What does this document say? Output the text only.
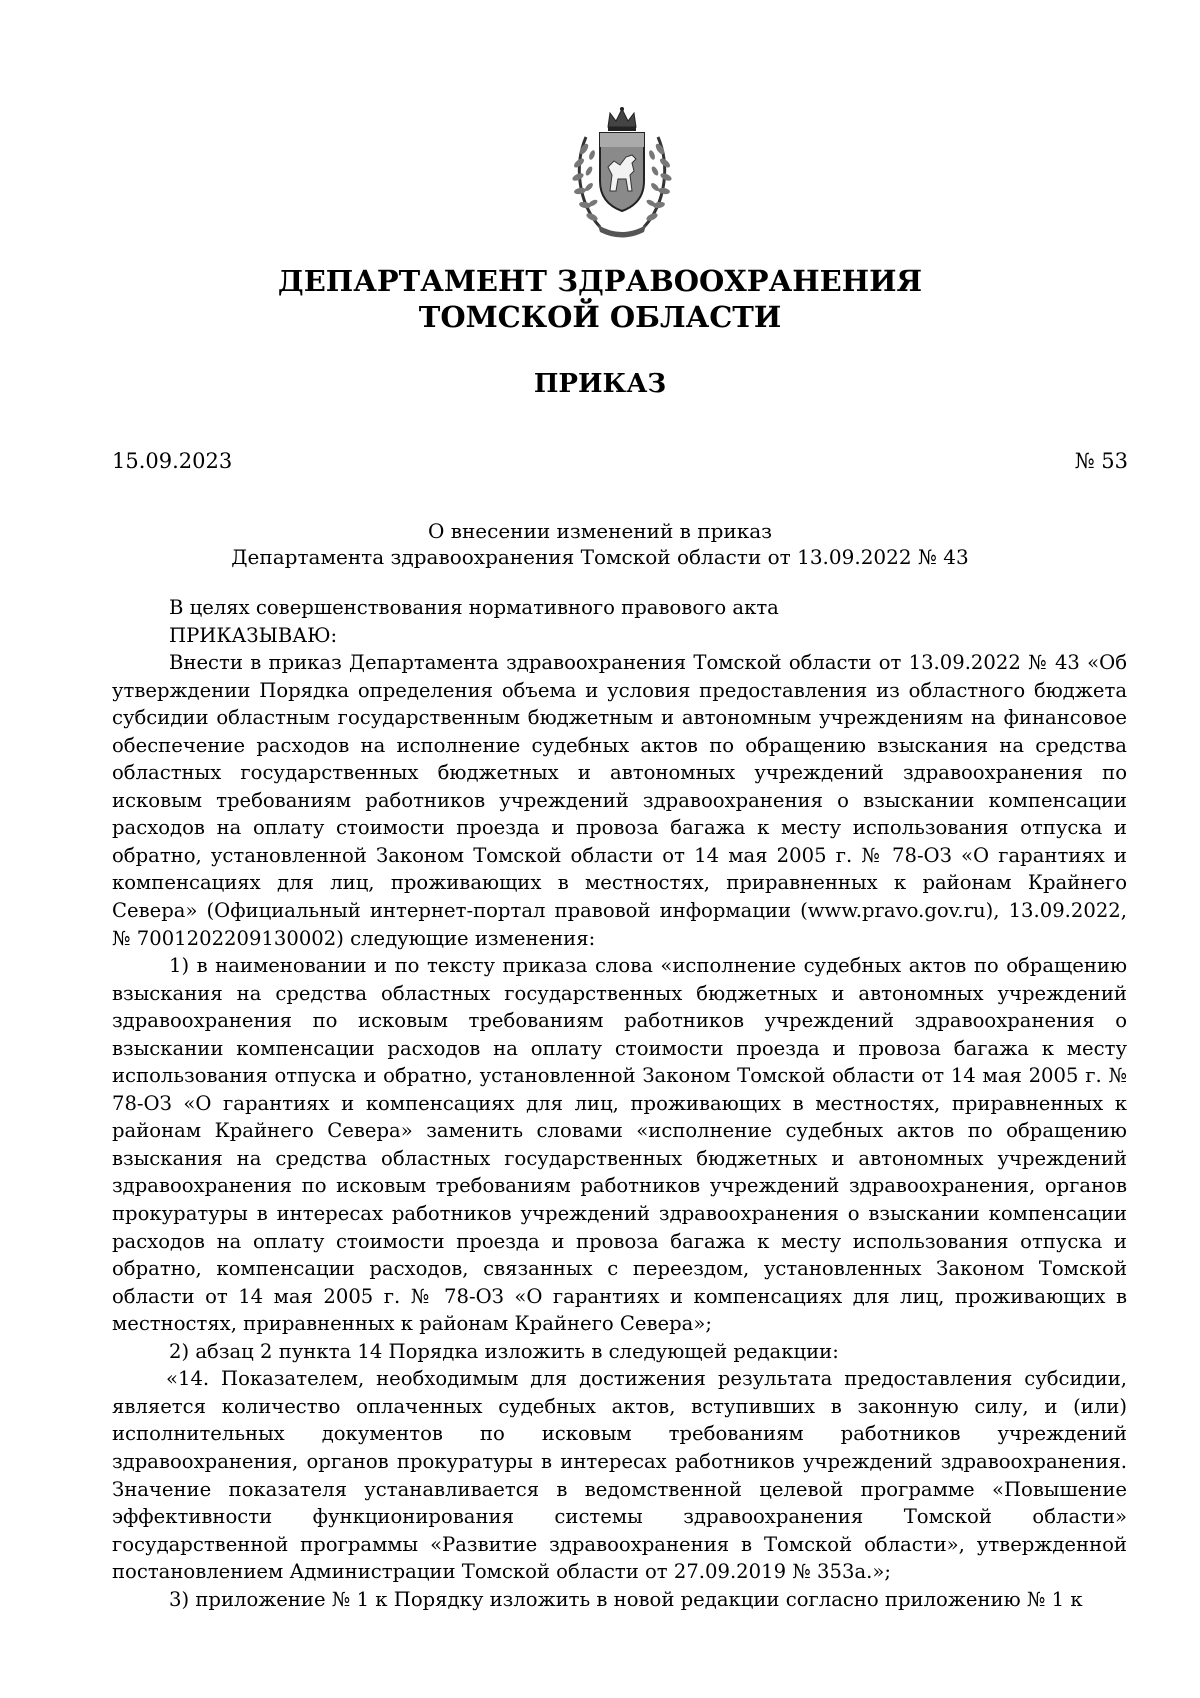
ДЕПАРТАМЕНТ ЗДРАВООХРАНЕНИЯ
ТОМСКОЙ ОБЛАСТИ
ПРИКАЗ
15.09.2023	№ 53
О внесении изменений в приказ
Департамента здравоохранения Томской области от 13.09.2022 № 43

В целях совершенствования нормативного правового акта

ПРИКАЗЫВАЮ:

Внести в приказ Департамента здравоохранения Томской области от 13.09.2022 № 43 «Об утверждении Порядка определения объема и условия предоставления из областного бюджета субсидии областным государственным бюджетным и автономным учреждениям на финансовое обеспечение расходов на исполнение судебных актов по обращению взыскания на средства областных государственных бюджетных и автономных учреждений здравоохранения по исковым требованиям работников учреждений здравоохранения о взыскании компенсации расходов на оплату стоимости проезда и провоза багажа к месту использования отпуска и обратно, установленной Законом Томской области от 14 мая 2005 г. № 78-ОЗ «О гарантиях и компенсациях для лиц, проживающих в местностях, приравненных к районам Крайнего Севера» (Официальный интернет-портал правовой информации (www.pravo.gov.ru), 13.09.2022, № 7001202209130002) следующие изменения:

1) в наименовании и по тексту приказа слова «исполнение судебных актов по обращению взыскания на средства областных государственных бюджетных и автономных учреждений здравоохранения по исковым требованиям работников учреждений здравоохранения о взыскании компенсации расходов на оплату стоимости проезда и провоза багажа к месту использования отпуска и обратно, установленной Законом Томской области от 14 мая 2005 г. № 78-ОЗ «О гарантиях и компенсациях для лиц, проживающих в местностях, приравненных к районам Крайнего Севера» заменить словами «исполнение судебных актов по обращению взыскания на средства областных государственных бюджетных и автономных учреждений здравоохранения по исковым требованиям работников учреждений здравоохранения, органов прокуратуры в интересах работников учреждений здравоохранения о взыскании компенсации расходов на оплату стоимости проезда и провоза багажа к месту использования отпуска и обратно, компенсации расходов, связанных с переездом, установленных Законом Томской области от 14 мая 2005 г. № 78-ОЗ «О гарантиях и компенсациях для лиц, проживающих в местностях, приравненных к районам Крайнего Севера»;

2) абзац 2 пункта 14 Порядка изложить в следующей редакции:

«14. Показателем, необходимым для достижения результата предоставления субсидии, является количество оплаченных судебных актов, вступивших в законную силу, и (или) исполнительных документов по исковым требованиям работников учреждений здравоохранения, органов прокуратуры в интересах работников учреждений здравоохранения. Значение показателя устанавливается в ведомственной целевой программе «Повышение эффективности функционирования системы здравоохранения Томской области» государственной программы «Развитие здравоохранения в Томской области», утвержденной постановлением Администрации Томской области от 27.09.2019 № 353а.»;

3) приложение № 1 к Порядку изложить в новой редакции согласно приложению № 1 к
